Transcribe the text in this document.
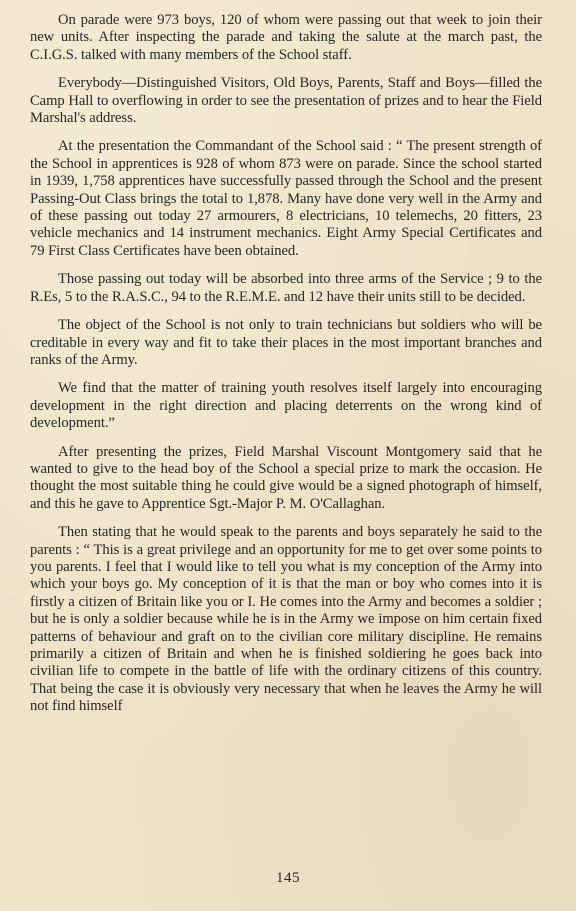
On parade were 973 boys, 120 of whom were passing out that week to join their new units. After inspecting the parade and taking the salute at the march past, the C.I.G.S. talked with many members of the School staff.

Everybody—Distinguished Visitors, Old Boys, Parents, Staff and Boys—filled the Camp Hall to overflowing in order to see the presentation of prizes and to hear the Field Marshal's address.

At the presentation the Commandant of the School said : “ The present strength of the School in apprentices is 928 of whom 873 were on parade. Since the school started in 1939, 1,758 apprentices have successfully passed through the School and the present Passing-Out Class brings the total to 1,878. Many have done very well in the Army and of these passing out today 27 armourers, 8 electricians, 10 telemechs, 20 fitters, 23 vehicle mechanics and 14 instrument mechanics. Eight Army Special Certificates and 79 First Class Certificates have been obtained.

Those passing out today will be absorbed into three arms of the Service ; 9 to the R.Es, 5 to the R.A.S.C., 94 to the R.E.M.E. and 12 have their units still to be decided.

The object of the School is not only to train technicians but soldiers who will be creditable in every way and fit to take their places in the most important branches and ranks of the Army.

We find that the matter of training youth resolves itself largely into encouraging development in the right direction and placing deterrents on the wrong kind of development.”

After presenting the prizes, Field Marshal Viscount Montgomery said that he wanted to give to the head boy of the School a special prize to mark the occasion. He thought the most suitable thing he could give would be a signed photograph of himself, and this he gave to Apprentice Sgt.-Major P. M. O'Callaghan.

Then stating that he would speak to the parents and boys separately he said to the parents : “ This is a great privilege and an opportunity for me to get over some points to you parents. I feel that I would like to tell you what is my conception of the Army into which your boys go. My conception of it is that the man or boy who comes into it is firstly a citizen of Britain like you or I. He comes into the Army and becomes a soldier ; but he is only a soldier because while he is in the Army we impose on him certain fixed patterns of behaviour and graft on to the civilian core military discipline. He remains primarily a citizen of Britain and when he is finished soldiering he goes back into civilian life to compete in the battle of life with the ordinary citizens of this country. That being the case it is obviously very necessary that when he leaves the Army he will not find himself

145
